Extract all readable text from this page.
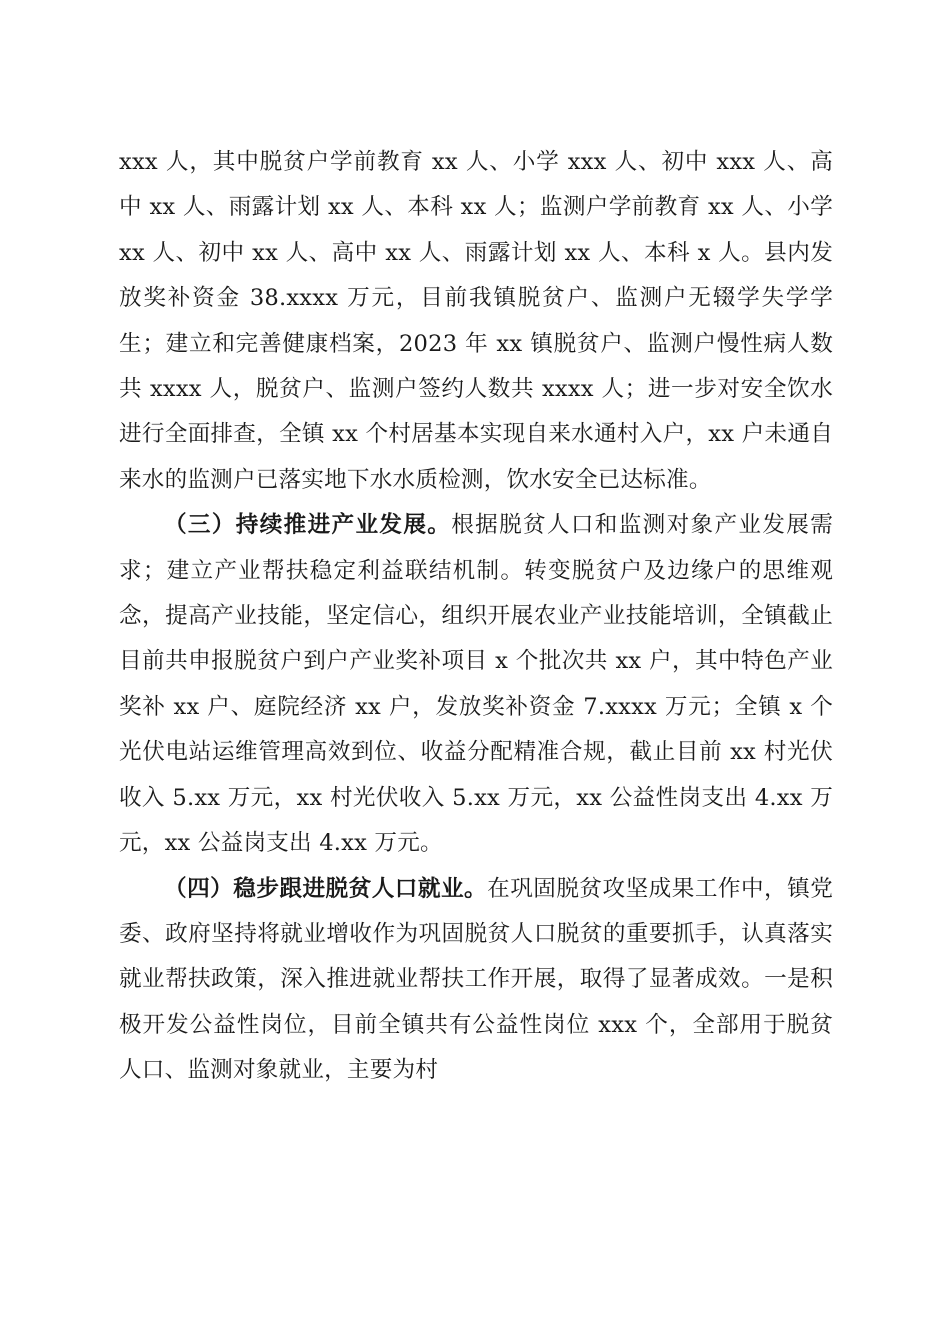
xxx 人，其中脱贫户学前教育 xx 人、小学 xxx 人、初中 xxx 人、高中 xx 人、雨露计划 xx 人、本科 xx 人；监测户学前教育 xx 人、小学 xx 人、初中 xx 人、高中 xx 人、雨露计划 xx 人、本科 x 人。县内发放奖补资金 38.xxxx 万元，目前我镇脱贫户、监测户无辍学失学学生；建立和完善健康档案，2023 年 xx 镇脱贫户、监测户慢性病人数共 xxxx 人，脱贫户、监测户签约人数共 xxxx 人；进一步对安全饮水进行全面排查，全镇 xx 个村居基本实现自来水通村入户，xx 户未通自来水的监测户已落实地下水水质检测，饮水安全已达标准。

（三）持续推进产业发展。根据脱贫人口和监测对象产业发展需求；建立产业帮扶稳定利益联结机制。转变脱贫户及边缘户的思维观念，提高产业技能，坚定信心，组织开展农业产业技能培训，全镇截止目前共申报脱贫户到户产业奖补项目 x 个批次共 xx 户，其中特色产业奖补 xx 户、庭院经济 xx 户，发放奖补资金 7.xxxx 万元；全镇 x 个光伏电站运维管理高效到位、收益分配精准合规，截止目前 xx 村光伏收入 5.xx 万元，xx 村光伏收入 5.xx 万元，xx 公益性岗支出 4.xx 万元，xx 公益岗支出 4.xx 万元。

（四）稳步跟进脱贫人口就业。在巩固脱贫攻坚成果工作中，镇党委、政府坚持将就业增收作为巩固脱贫人口脱贫的重要抓手，认真落实就业帮扶政策，深入推进就业帮扶工作开展，取得了显著成效。一是积极开发公益性岗位，目前全镇共有公益性岗位 xxx 个，全部用于脱贫人口、监测对象就业，主要为村
